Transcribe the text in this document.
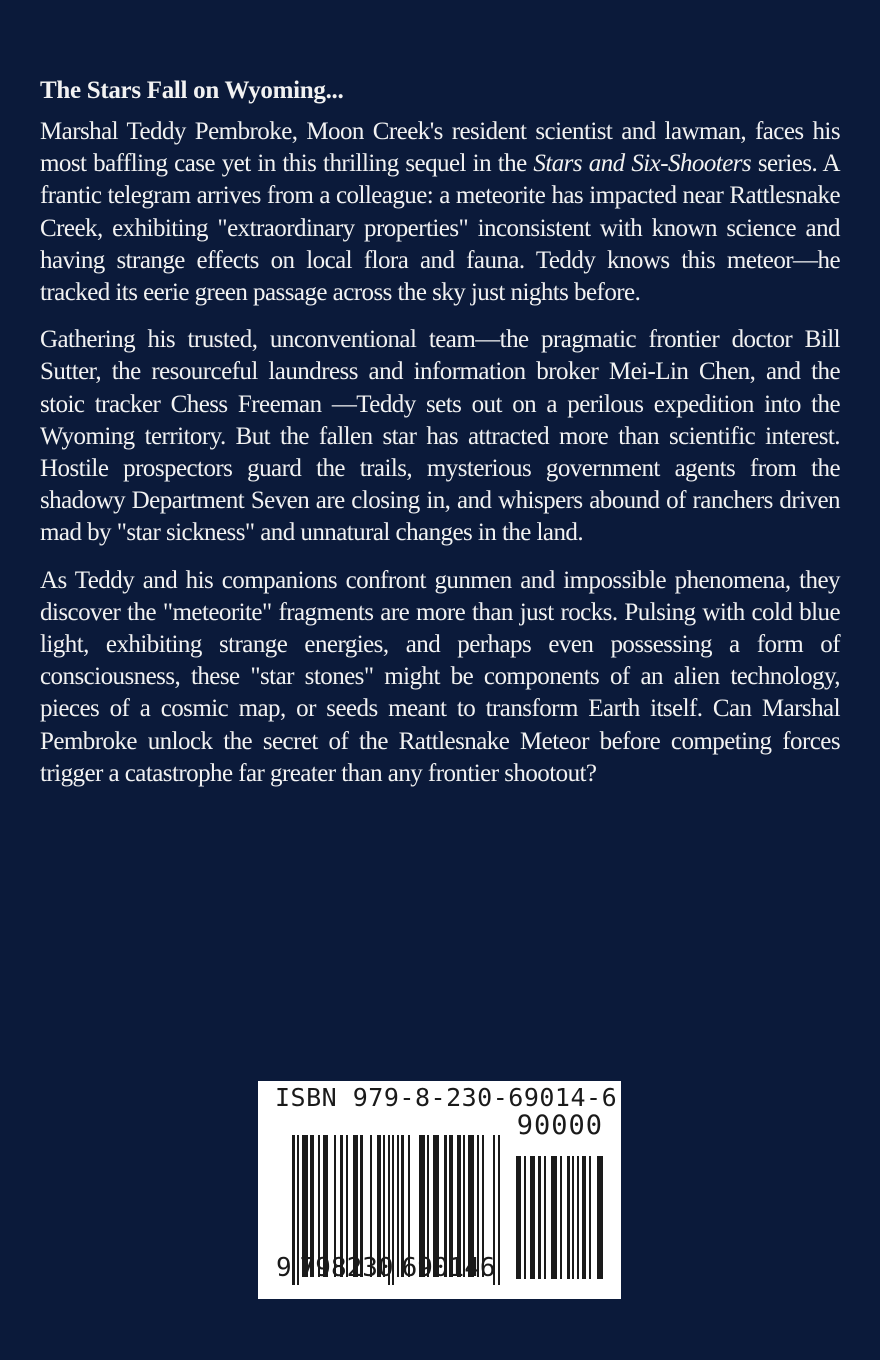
The Stars Fall on Wyoming...

Marshal Teddy Pembroke, Moon Creek's resident scientist and lawman, faces his most baffling case yet in this thrilling sequel in the Stars and Six-Shooters series. A frantic telegram arrives from a colleague: a meteorite has impacted near Rattlesnake Creek, exhibiting "extraordinary properties" inconsistent with known science and having strange effects on local flora and fauna. Teddy knows this meteor—he tracked its eerie green passage across the sky just nights before.

Gathering his trusted, unconventional team—the pragmatic frontier doctor Bill Sutter, the resourceful laundress and information broker Mei-Lin Chen, and the stoic tracker Chess Freeman —Teddy sets out on a perilous expedition into the Wyoming territory. But the fallen star has attracted more than scientific interest. Hostile prospectors guard the trails, mysterious government agents from the shadowy Department Seven are closing in, and whispers abound of ranchers driven mad by "star sickness" and unnatural changes in the land.

As Teddy and his companions confront gunmen and impossible phenomena, they discover the "meteorite" fragments are more than just rocks. Pulsing with cold blue light, exhibiting strange energies, and perhaps even possessing a form of consciousness, these "star stones" might be components of an alien technology, pieces of a cosmic map, or seeds meant to transform Earth itself. Can Marshal Pembroke unlock the secret of the Rattlesnake Meteor before competing forces trigger a catastrophe far greater than any frontier shootout?

ISBN 979-8-230-69014-6
90000
9 798230 690146
